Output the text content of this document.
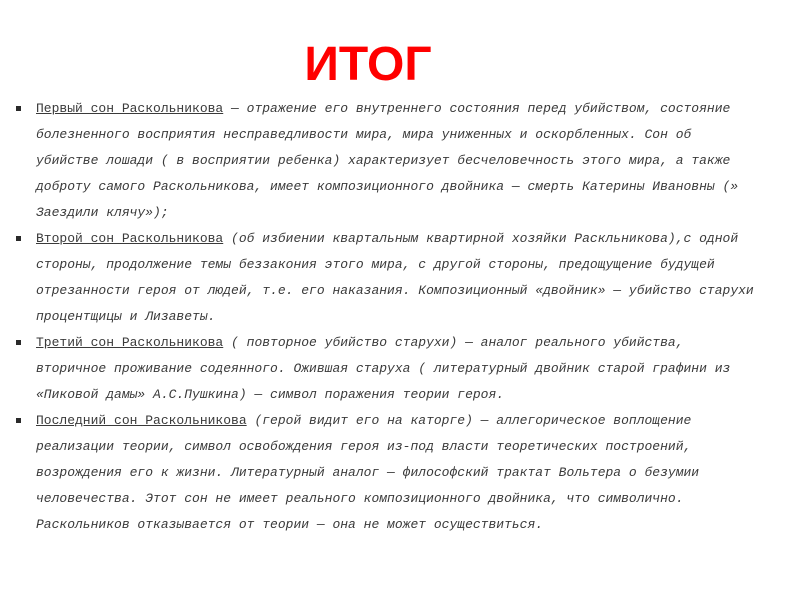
ИТОГ
Первый сон Раскольникова — отражение его внутреннего состояния перед убийством, состояние болезненного восприятия несправедливости мира, мира униженных и оскорбленных. Сон об убийстве лошади ( в восприятии ребенка) характеризует бесчеловечность этого мира, а также доброту самого Раскольникова, имеет композиционного двойника — смерть Катерины Ивановны (» Заездили клячу»);
Второй сон Раскольникова (об избиении квартальным квартирной хозяйки Раскльникова),с одной стороны, продолжение темы беззакония этого мира, с другой стороны, предощущение будущей отрезанности героя от людей, т.е. его наказания. Композиционный «двойник» — убийство старухи процентщицы и Лизаветы.
Третий сон Раскольникова ( повторное убийство старухи) — аналог реального убийства, вторичное проживание содеянного. Ожившая старуха ( литературный двойник старой графини из «Пиковой дамы» А.С.Пушкина) — символ поражения теории героя.
Последний сон Раскольникова (герой видит его на каторге) — аллегорическое воплощение реализации теории, символ освобождения героя из-под власти теоретических построений, возрождения его к жизни. Литературный аналог — философский трактат Вольтера о безумии человечества. Этот сон не имеет реального композиционного двойника, что символично. Раскольников отказывается от теории — она не может осуществиться.
